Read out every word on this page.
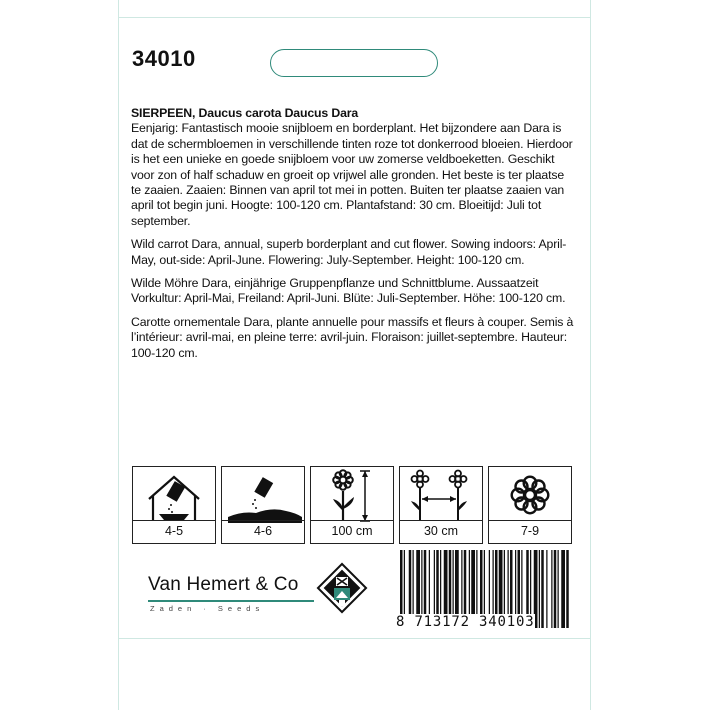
34010

SIERPEEN, Daucus carota Daucus Dara
Eenjarig: Fantastisch mooie snijbloem en borderplant. Het bijzondere aan Dara is dat de schermbloemen in verschillende tinten roze tot donkerrood bloeien. Hierdoor is het een unieke en goede snijbloem voor uw zomerse veldboeketten. Geschikt voor zon of half schaduw en groeit op vrijwel alle gronden. Het beste is ter plaatse te zaaien. Zaaien: Binnen van april tot mei in potten. Buiten ter plaatse zaaien van april tot begin juni. Hoogte: 100-120 cm. Plantafstand: 30 cm. Bloeitijd: Juli tot september.

Wild carrot Dara, annual, superb borderplant and cut flower. Sowing indoors: April-May, out-side: April-June. Flowering: July-September. Height: 100-120 cm.

Wilde Möhre Dara, einjährige Gruppenpflanze und Schnittblume. Aussaatzeit Vorkultur: April-Mai, Freiland: April-Juni. Blüte: Juli-September. Höhe: 100-120 cm.

Carotte ornementale Dara, plante annuelle pour massifs et fleurs à couper. Semis à l’intérieur: avril-mai, en pleine terre: avril-juin. Floraison: juillet-septembre. Hauteur: 100-120 cm.

4-5	4-6	100 cm	30 cm	7-9
Van Hemert & Co
Zaden · Seeds
8 713172 340103
